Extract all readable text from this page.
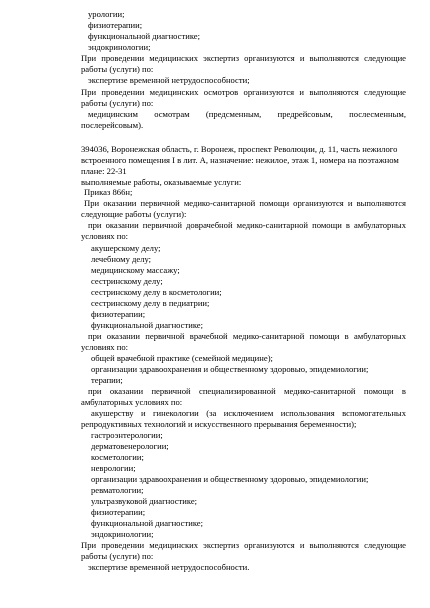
урологии;

физиотерапии;

функциональной диагностике;

эндокринологии;

При проведении медицинских экспертиз организуются и выполняются следующие

работы (услуги) по:

экспертизе временной нетрудоспособности;

При проведении медицинских осмотров организуются и выполняются следующие

работы (услуги) по:

медицинским осмотрам (предсменным, предрейсовым, послесменным,

послерейсовым).

394036, Воронежская область, г. Воронеж, проспект Революции, д. 11, часть нежилого

встроенного помещения I в лит. А, назначение: нежилое, этаж 1, номера на поэтажном

плане: 22-31

выполняемые работы, оказываемые услуги:

Приказ 866н;

При оказании первичной медико-санитарной помощи организуются и выполняются

следующие работы (услуги):

при оказании первичной доврачебной медико-санитарной помощи в амбулаторных

условиях по:

акушерскому делу;

лечебному делу;

медицинскому массажу;

сестринскому делу;

сестринскому делу в косметологии;

сестринскому делу в педиатрии;

физиотерапии;

функциональной диагностике;

при оказании первичной врачебной медико-санитарной помощи в амбулаторных

условиях по:

общей врачебной практике (семейной медицине);

организации здравоохранения и общественному здоровью, эпидемиологии;

терапии;

при оказании первичной специализированной медико-санитарной помощи в

амбулаторных условиях по:

акушерству и гинекологии (за исключением использования вспомогательных

репродуктивных технологий и искусственного прерывания беременности);

гастроэнтерологии;

дерматовенерологии;

косметологии;

неврологии;

организации здравоохранения и общественному здоровью, эпидемиологии;

ревматологии;

ультразвуковой диагностике;

физиотерапии;

функциональной диагностике;

эндокринологии;

При проведении медицинских экспертиз организуются и выполняются следующие

работы (услуги) по:

экспертизе временной нетрудоспособности.
